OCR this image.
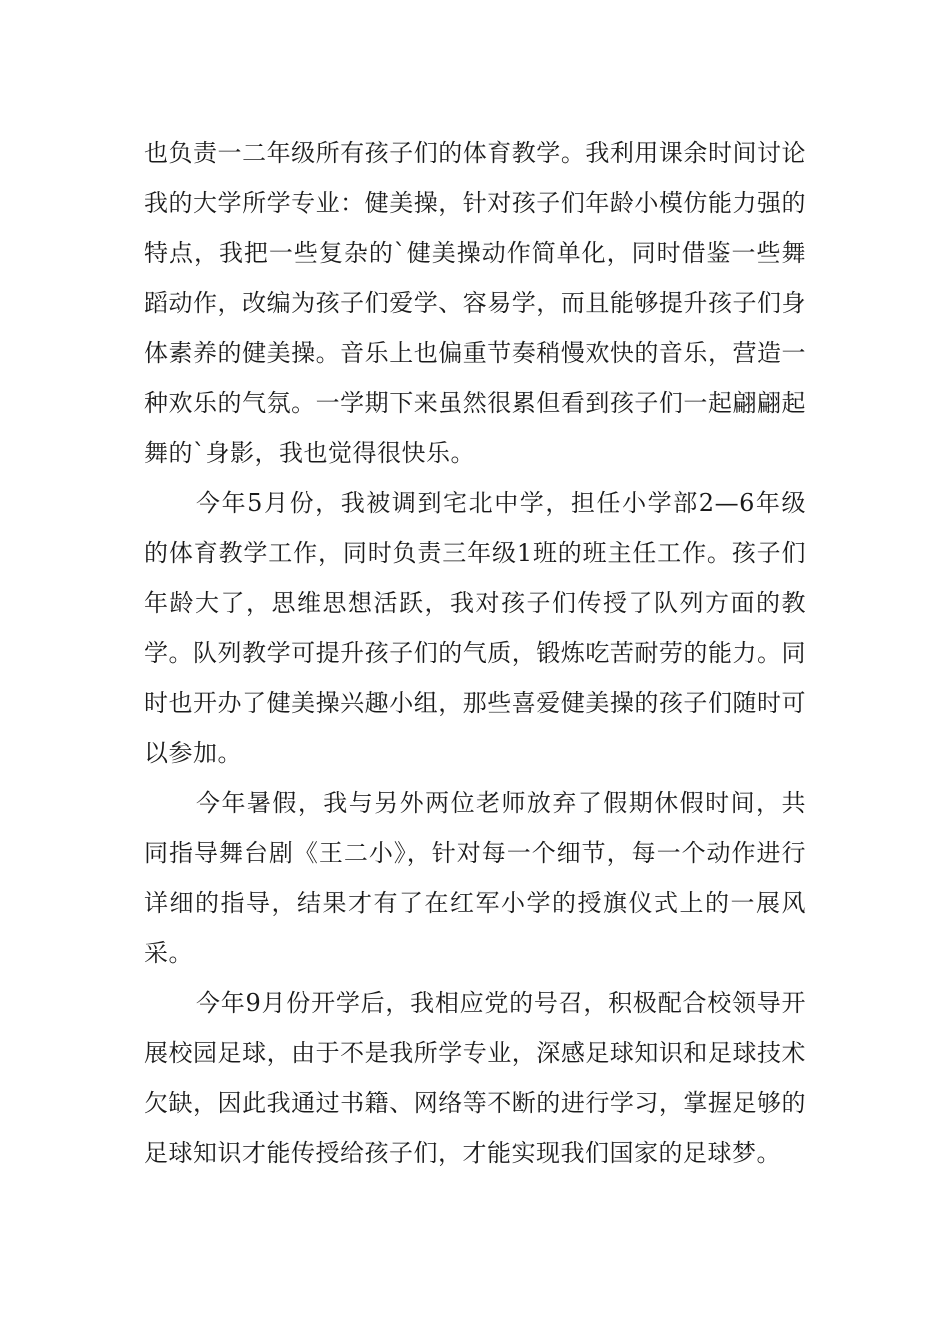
也负责一二年级所有孩子们的体育教学。我利用课余时间讨论我的大学所学专业：健美操，针对孩子们年龄小模仿能力强的特点，我把一些复杂的`健美操动作简单化，同时借鉴一些舞蹈动作，改编为孩子们爱学、容易学，而且能够提升孩子们身体素养的健美操。音乐上也偏重节奏稍慢欢快的音乐，营造一种欢乐的气氛。一学期下来虽然很累但看到孩子们一起翩翩起舞的`身影，我也觉得很快乐。

今年5月份，我被调到宅北中学，担任小学部2—6年级的体育教学工作，同时负责三年级1班的班主任工作。孩子们年龄大了，思维思想活跃，我对孩子们传授了队列方面的教学。队列教学可提升孩子们的气质，锻炼吃苦耐劳的能力。同时也开办了健美操兴趣小组，那些喜爱健美操的孩子们随时可以参加。

今年暑假，我与另外两位老师放弃了假期休假时间，共同指导舞台剧《王二小》，针对每一个细节，每一个动作进行详细的指导，结果才有了在红军小学的授旗仪式上的一展风采。

今年9月份开学后，我相应党的号召，积极配合校领导开展校园足球，由于不是我所学专业，深感足球知识和足球技术欠缺，因此我通过书籍、网络等不断的进行学习，掌握足够的足球知识才能传授给孩子们，才能实现我们国家的足球梦。
